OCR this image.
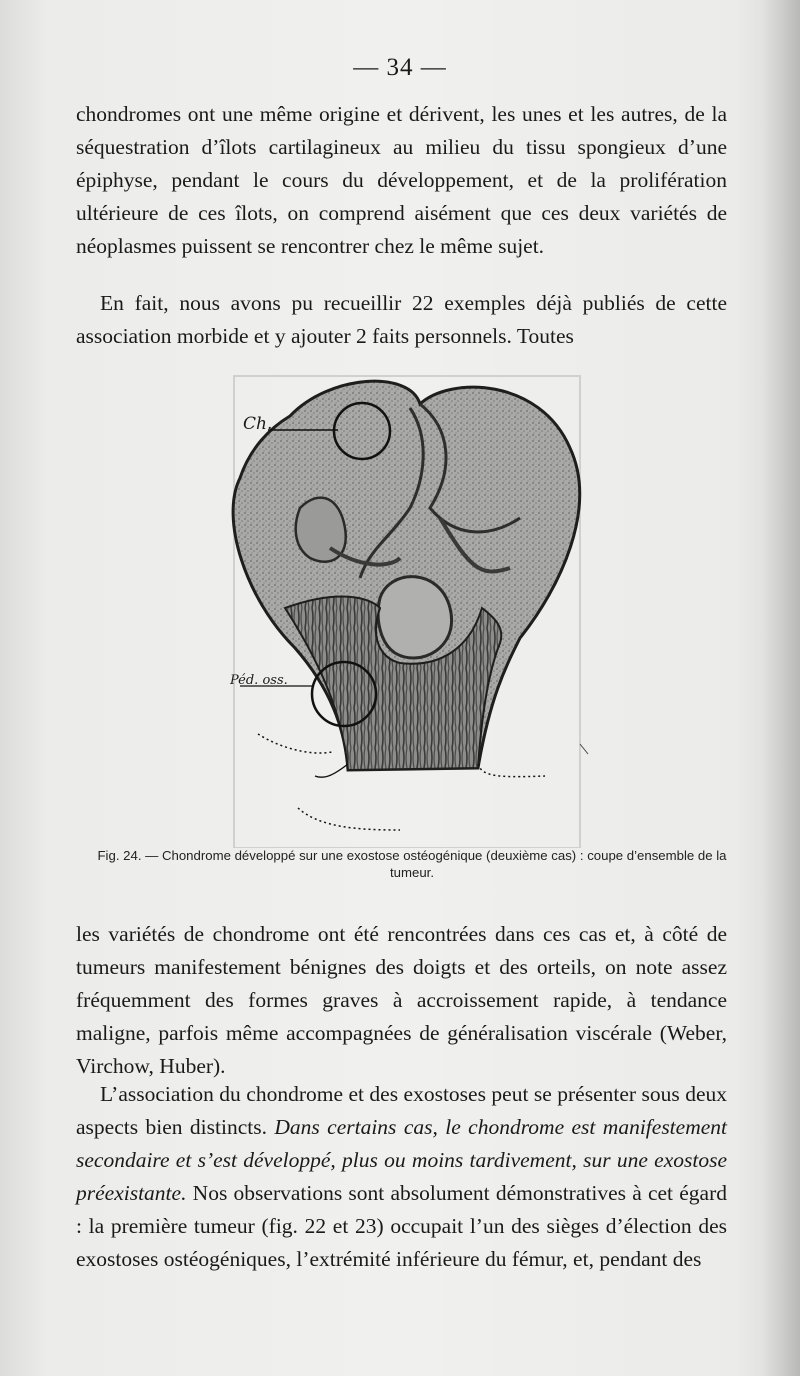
— 34 —

chondromes ont une même origine et dérivent, les unes et les autres, de la séquestration d’îlots cartilagineux au milieu du tissu spongieux d’une épiphyse, pendant le cours du développement, et de la prolifération ultérieure de ces îlots, on comprend aisément que ces deux variétés de néoplasmes puissent se rencontrer chez le même sujet.

En fait, nous avons pu recueillir 22 exemples déjà publiés de cette association morbide et y ajouter 2 faits personnels. Toutes

Ch.
Péd. oss.
Fig. 24. — Chondrome développé sur une exostose ostéogénique (deuxième cas) : coupe d’ensemble de la tumeur.

les variétés de chondrome ont été rencontrées dans ces cas et, à côté de tumeurs manifestement bénignes des doigts et des orteils, on note assez fréquemment des formes graves à accroissement rapide, à tendance maligne, parfois même accompagnées de généralisation viscérale (Weber, Virchow, Huber).

L’association du chondrome et des exostoses peut se présenter sous deux aspects bien distincts. Dans certains cas, le chondrome est manifestement secondaire et s’est développé, plus ou moins tardivement, sur une exostose préexistante. Nos observations sont absolument démonstratives à cet égard : la première tumeur (fig. 22 et 23) occupait l’un des sièges d’élection des exostoses ostéogéniques, l’extrémité inférieure du fémur, et, pendant des
